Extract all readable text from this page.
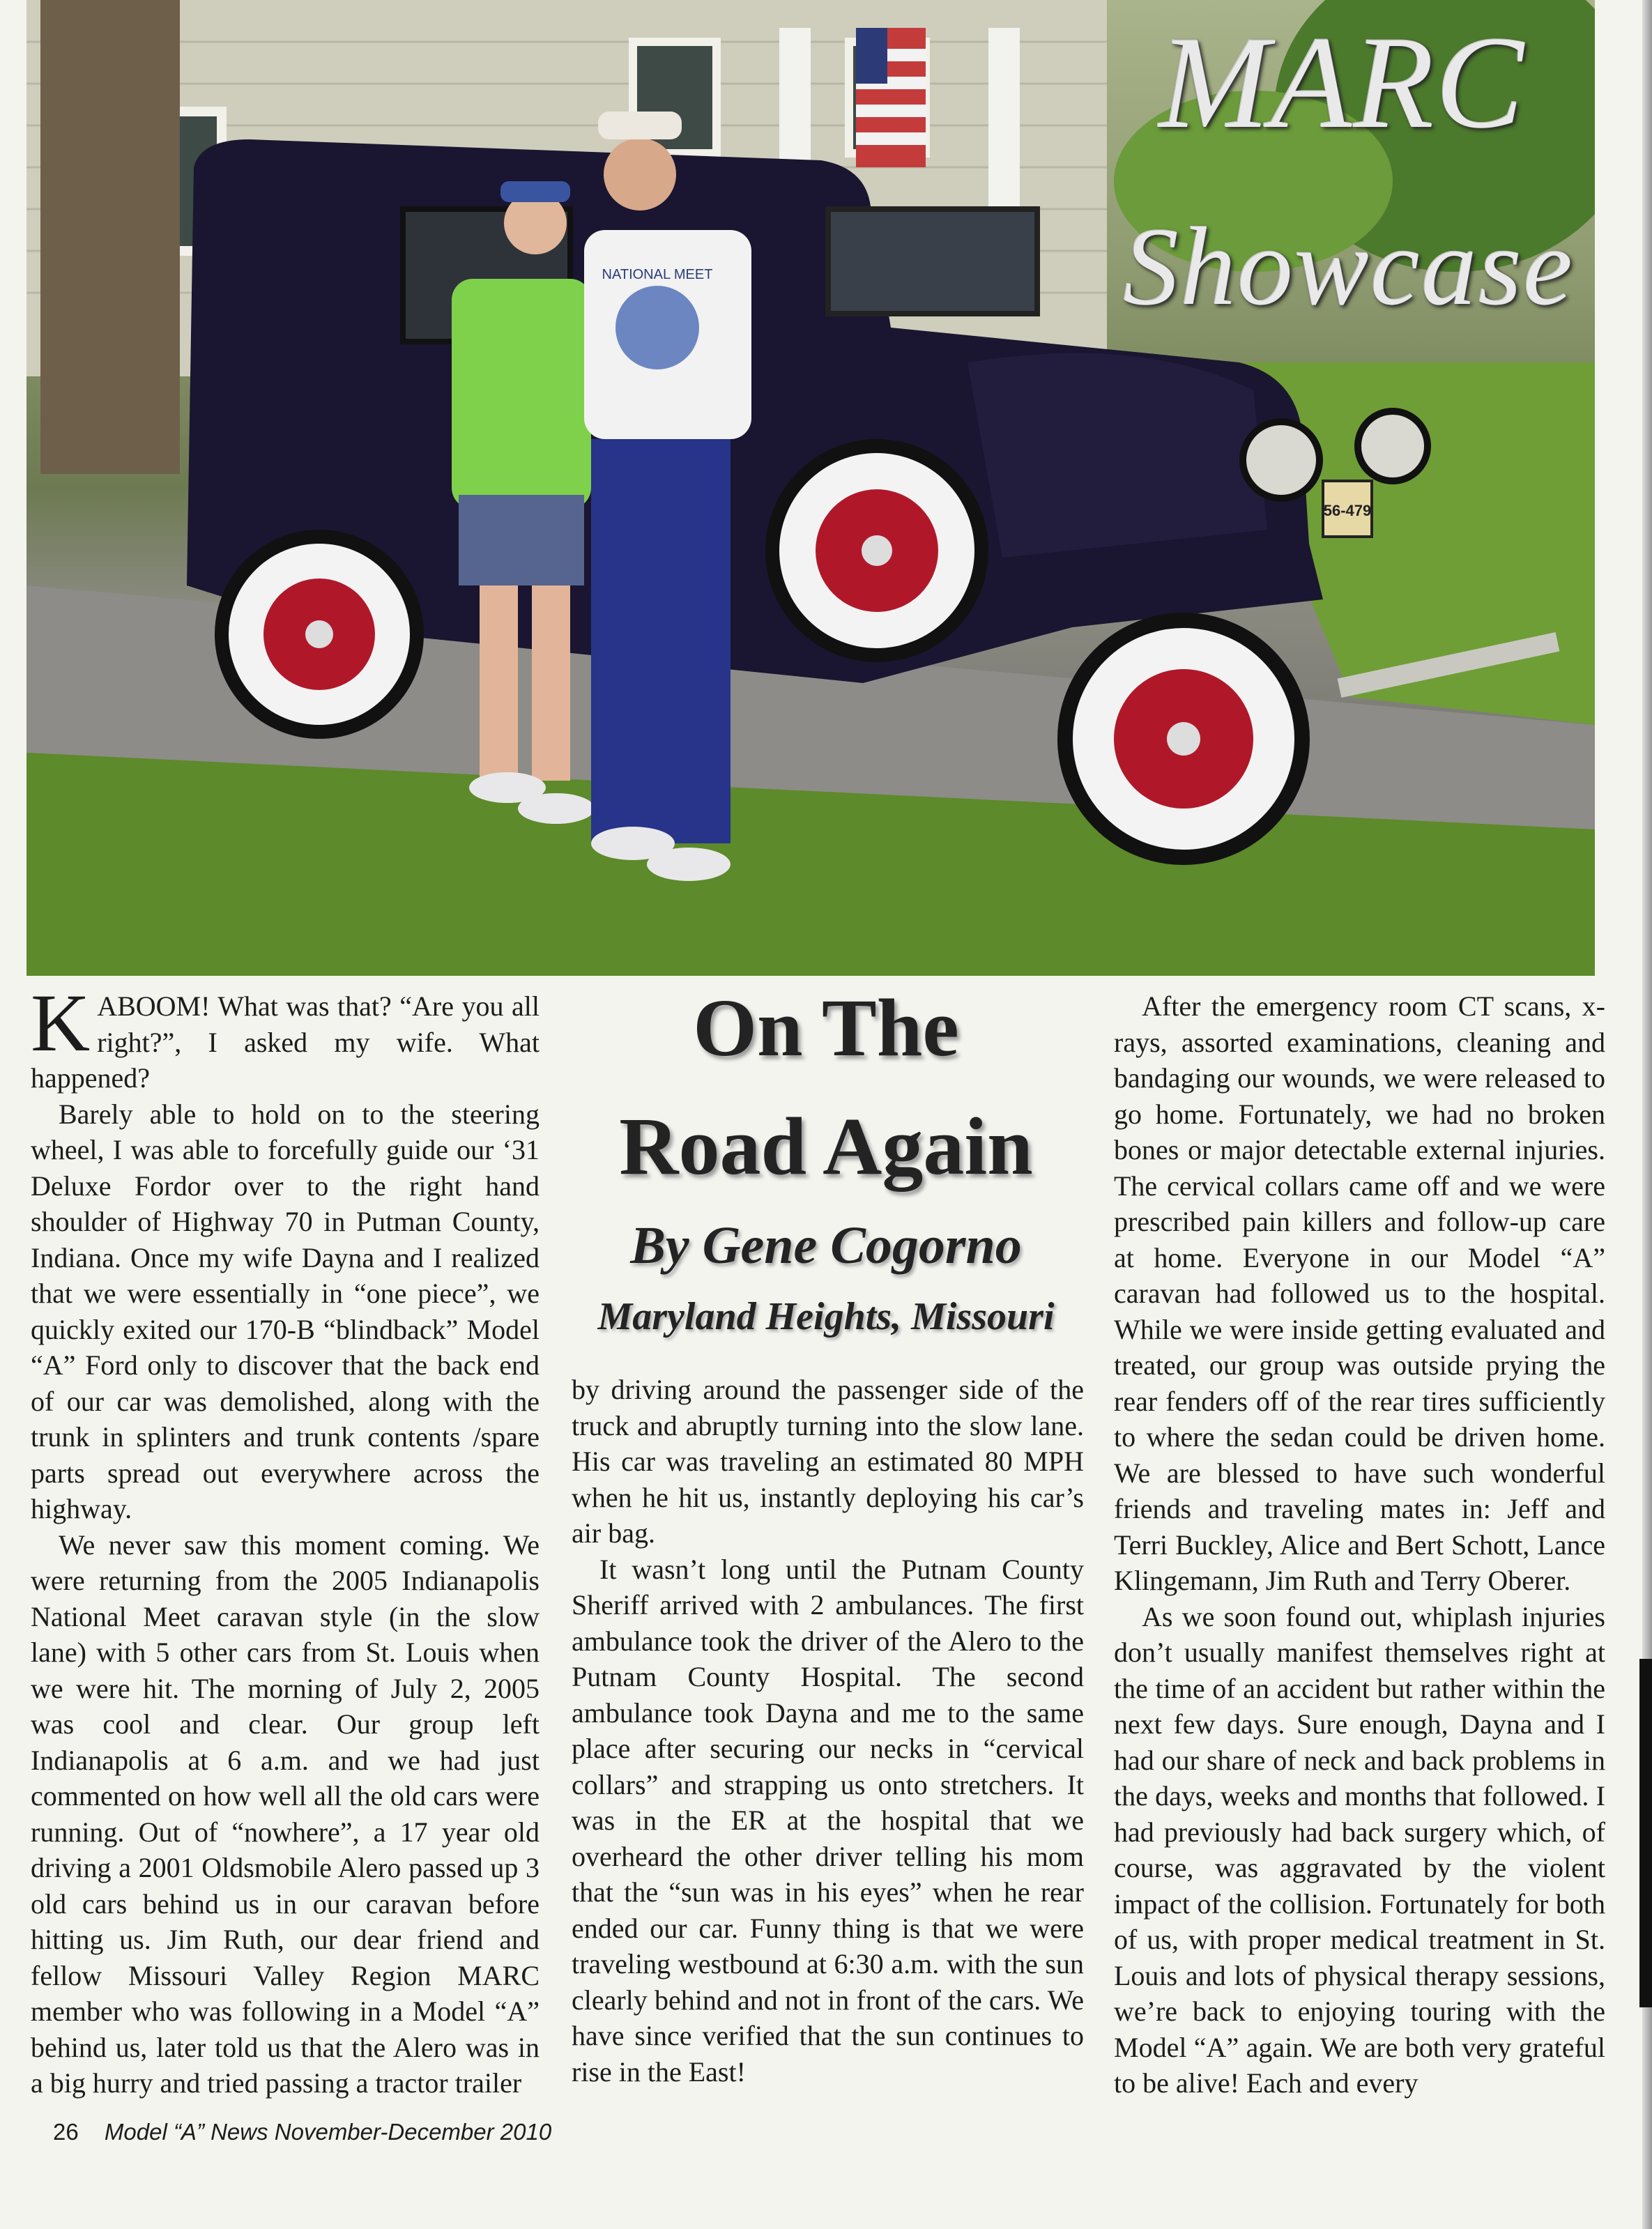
56-479
NATIONAL MEET
MARC
Showcase

KABOOM! What was that? “Are you all right?”, I asked my wife. What happened?

Barely able to hold on to the steering wheel, I was able to forcefully guide our ‘31 Deluxe Fordor over to the right hand shoulder of Highway 70 in Putman County, Indiana. Once my wife Dayna and I realized that we were essentially in “one piece”, we quickly exited our 170-B “blindback” Model “A” Ford only to discover that the back end of our car was demolished, along with the trunk in splinters and trunk contents /spare parts spread out everywhere across the highway.

We never saw this moment coming. We were returning from the 2005 Indianapolis National Meet caravan style (in the slow lane) with 5 other cars from St. Louis when we were hit. The morning of July 2, 2005 was cool and clear. Our group left Indianapolis at 6 a.m. and we had just commented on how well all the old cars were running. Out of “nowhere”, a 17 year old driving a 2001 Oldsmobile Alero passed up 3 old cars behind us in our caravan before hitting us. Jim Ruth, our dear friend and fellow Missouri Valley Region MARC member who was following in a Model “A” behind us, later told us that the Alero was in a big hurry and tried passing a tractor trailer

On The
Road Again
By Gene Cogorno
Maryland Heights, Missouri

by driving around the passenger side of the truck and abruptly turning into the slow lane. His car was traveling an estimated 80 MPH when he hit us, instantly deploying his car’s air bag.

It wasn’t long until the Putnam County Sheriff arrived with 2 ambulances. The first ambulance took the driver of the Alero to the Putnam County Hospital. The second ambulance took Dayna and me to the same place after securing our necks in “cervical collars” and strapping us onto stretchers. It was in the ER at the hospital that we overheard the other driver telling his mom that the “sun was in his eyes” when he rear ended our car. Funny thing is that we were traveling westbound at 6:30 a.m. with the sun clearly behind and not in front of the cars. We have since verified that the sun continues to rise in the East!

After the emergency room CT scans, x-rays, assorted examinations, cleaning and bandaging our wounds, we were released to go home. Fortunately, we had no broken bones or major detectable external injuries. The cervical collars came off and we were prescribed pain killers and follow-up care at home. Everyone in our Model “A” caravan had followed us to the hospital. While we were inside getting evaluated and treated, our group was outside prying the rear fenders off of the rear tires sufficiently to where the sedan could be driven home. We are blessed to have such wonderful friends and traveling mates in: Jeff and Terri Buckley, Alice and Bert Schott, Lance Klingemann, Jim Ruth and Terry Oberer.

As we soon found out, whiplash injuries don’t usually manifest themselves right at the time of an accident but rather within the next few days. Sure enough, Dayna and I had our share of neck and back problems in the days, weeks and months that followed. I had previously had back surgery which, of course, was aggravated by the violent impact of the collision. Fortunately for both of us, with proper medical treatment in St. Louis and lots of physical therapy sessions, we’re back to enjoying touring with the Model “A” again. We are both very grateful to be alive! Each and every

26 Model “A” News November-December 2010
